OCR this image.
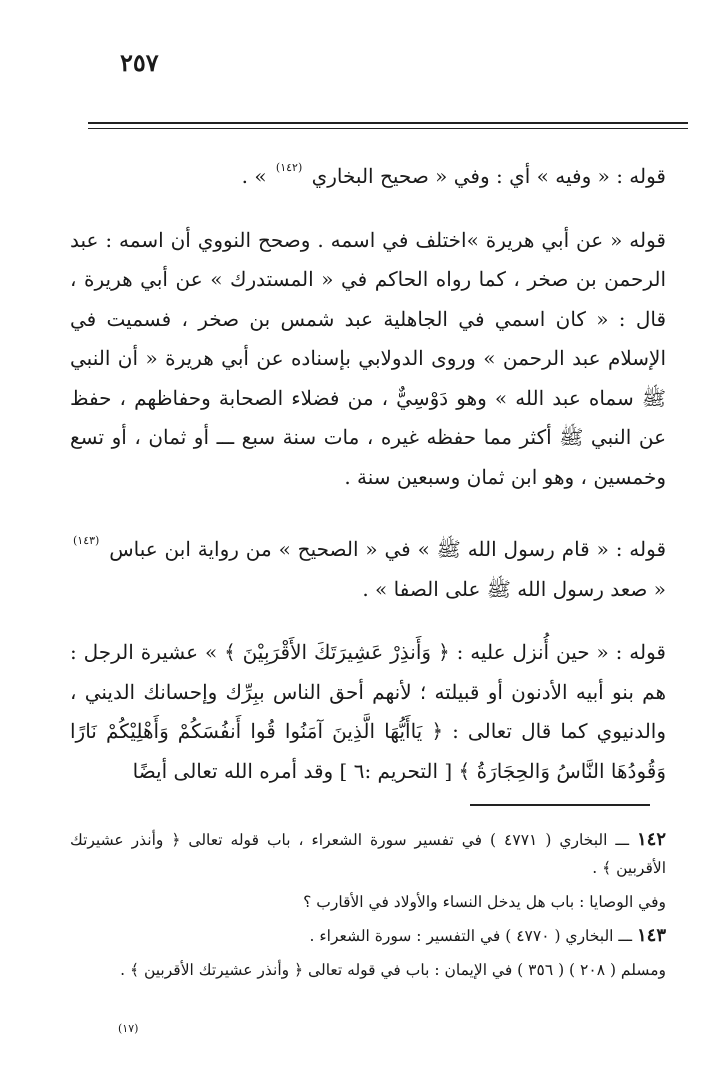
٢٥٧

قوله : « وفيه » أي : وفي « صحيح البخاري $^{(١٤٢)}$ » .

قوله « عن أبي هريرة »اختلف في اسمه . وصحح النووي أن اسمه : عبد الرحمن بن صخر ، كما رواه الحاكم في « المستدرك » عن أبي هريرة ، قال : « كان اسمي في الجاهلية عبد شمس بن صخر ، فسميت في الإسلام عبد الرحمن » وروى الدولابي بإسناده عن أبي هريرة « أن النبي ﷺ سماه عبد الله » وهو دَوْسِيٌّ ، من فضلاء الصحابة وحفاظهم ، حفظ عن النبي ﷺ أكثر مما حفظه غيره ، مات سنة سبع ـــ أو ثمان ، أو تسع وخمسين ، وهو ابن ثمان وسبعين سنة .

قوله : « قام رسول الله ﷺ » في « الصحيح » من رواية ابن عباس $^{(١٤٣)}$ « صعد رسول الله ﷺ على الصفا » .

قوله : « حين أُنزل عليه : ﴿ وَأَنذِرْ عَشِيرَتَكَ الأَقْرَبِيْنَ ﴾ » عشيرة الرجل : هم بنو أبيه الأدنون أو قبيلته ؛ لأنهم أحق الناس ببِرِّك وإحسانك الديني ، والدنيوي كما قال تعالى : ﴿ يَاأَيُّهَا الَّذِينَ آمَنُوا قُوا أَنفُسَكُمْ وَأَهْلِيْكُمْ نَارًا وَقُودُهَا النَّاسُ وَالحِجَارَةُ ﴾ [ التحريم :٦ ] وقد أمره الله تعالى أيضًا

١٤٢ ـــ البخاري ( ٤٧٧١ ) في تفسير سورة الشعراء ، باب قوله تعالى ﴿ وأنذر عشيرتك الأقربين ﴾ .

وفي الوصايا : باب هل يدخل النساء والأولاد في الأقارب ؟

١٤٣ ـــ البخاري ( ٤٧٧٠ ) في التفسير : سورة الشعراء .

ومسلم ( ٢٠٨ ) ( ٣٥٦ ) في الإيمان : باب في قوله تعالى ﴿ وأنذر عشيرتك الأقربين ﴾ .

(١٧)
